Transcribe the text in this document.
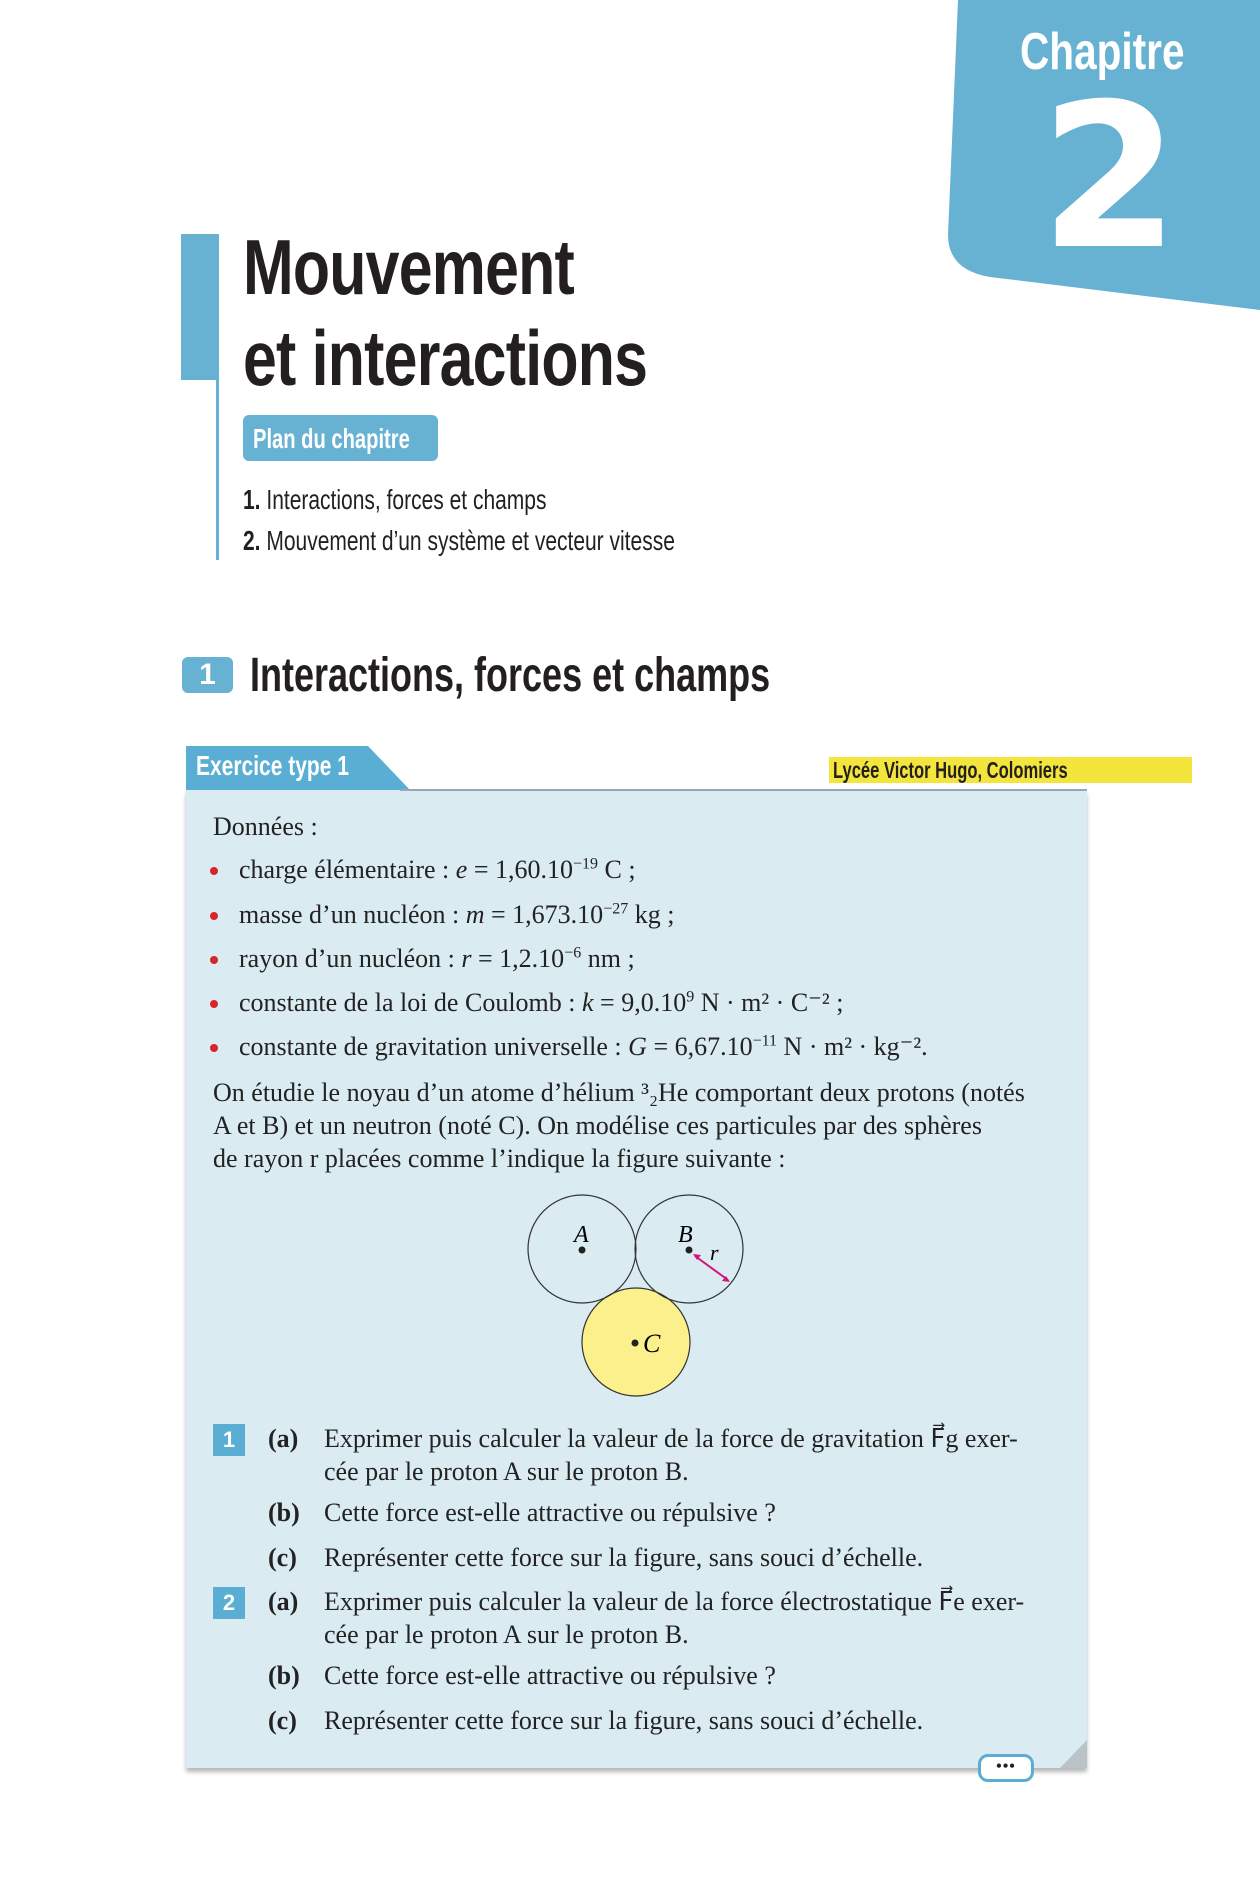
Chapitre
2
Mouvement
et interactions
Plan du chapitre
1. Interactions, forces et champs
2. Mouvement d’un système et vecteur vitesse
1 Interactions, forces et champs
Exercice type 1	Lycée Victor Hugo, Colomiers
Données :
charge élémentaire : $e = 1,60.10^{-19}$ C ;
masse d’un nucléon : $m = 1,673.10^{-27}$ kg ;
rayon d’un nucléon : $r = 1,2.10^{-6}$ nm ;
constante de la loi de Coulomb : $k = 9,0.10^9$ N · m² · C⁻² ;
constante de gravitation universelle : $G = 6,67.10^{-11}$ N · m² · kg⁻².
On étudie le noyau d’un atome d’hélium ³₂He comportant deux protons (notés
A et B) et un neutron (noté C). On modélise ces particules par des sphères
de rayon r placées comme l’indique la figure suivante :
A	B
C
r
1	(a) Exprimer puis calculer la valeur de la force de gravitation F⃗g exer-
cée par le proton A sur le proton B.
(b) Cette force est-elle attractive ou répulsive ?
(c) Représenter cette force sur la figure, sans souci d’échelle.
2	(a) Exprimer puis calculer la valeur de la force électrostatique F⃗e exer-
cée par le proton A sur le proton B.
(b) Cette force est-elle attractive ou répulsive ?
(c) Représenter cette force sur la figure, sans souci d’échelle.
•••
